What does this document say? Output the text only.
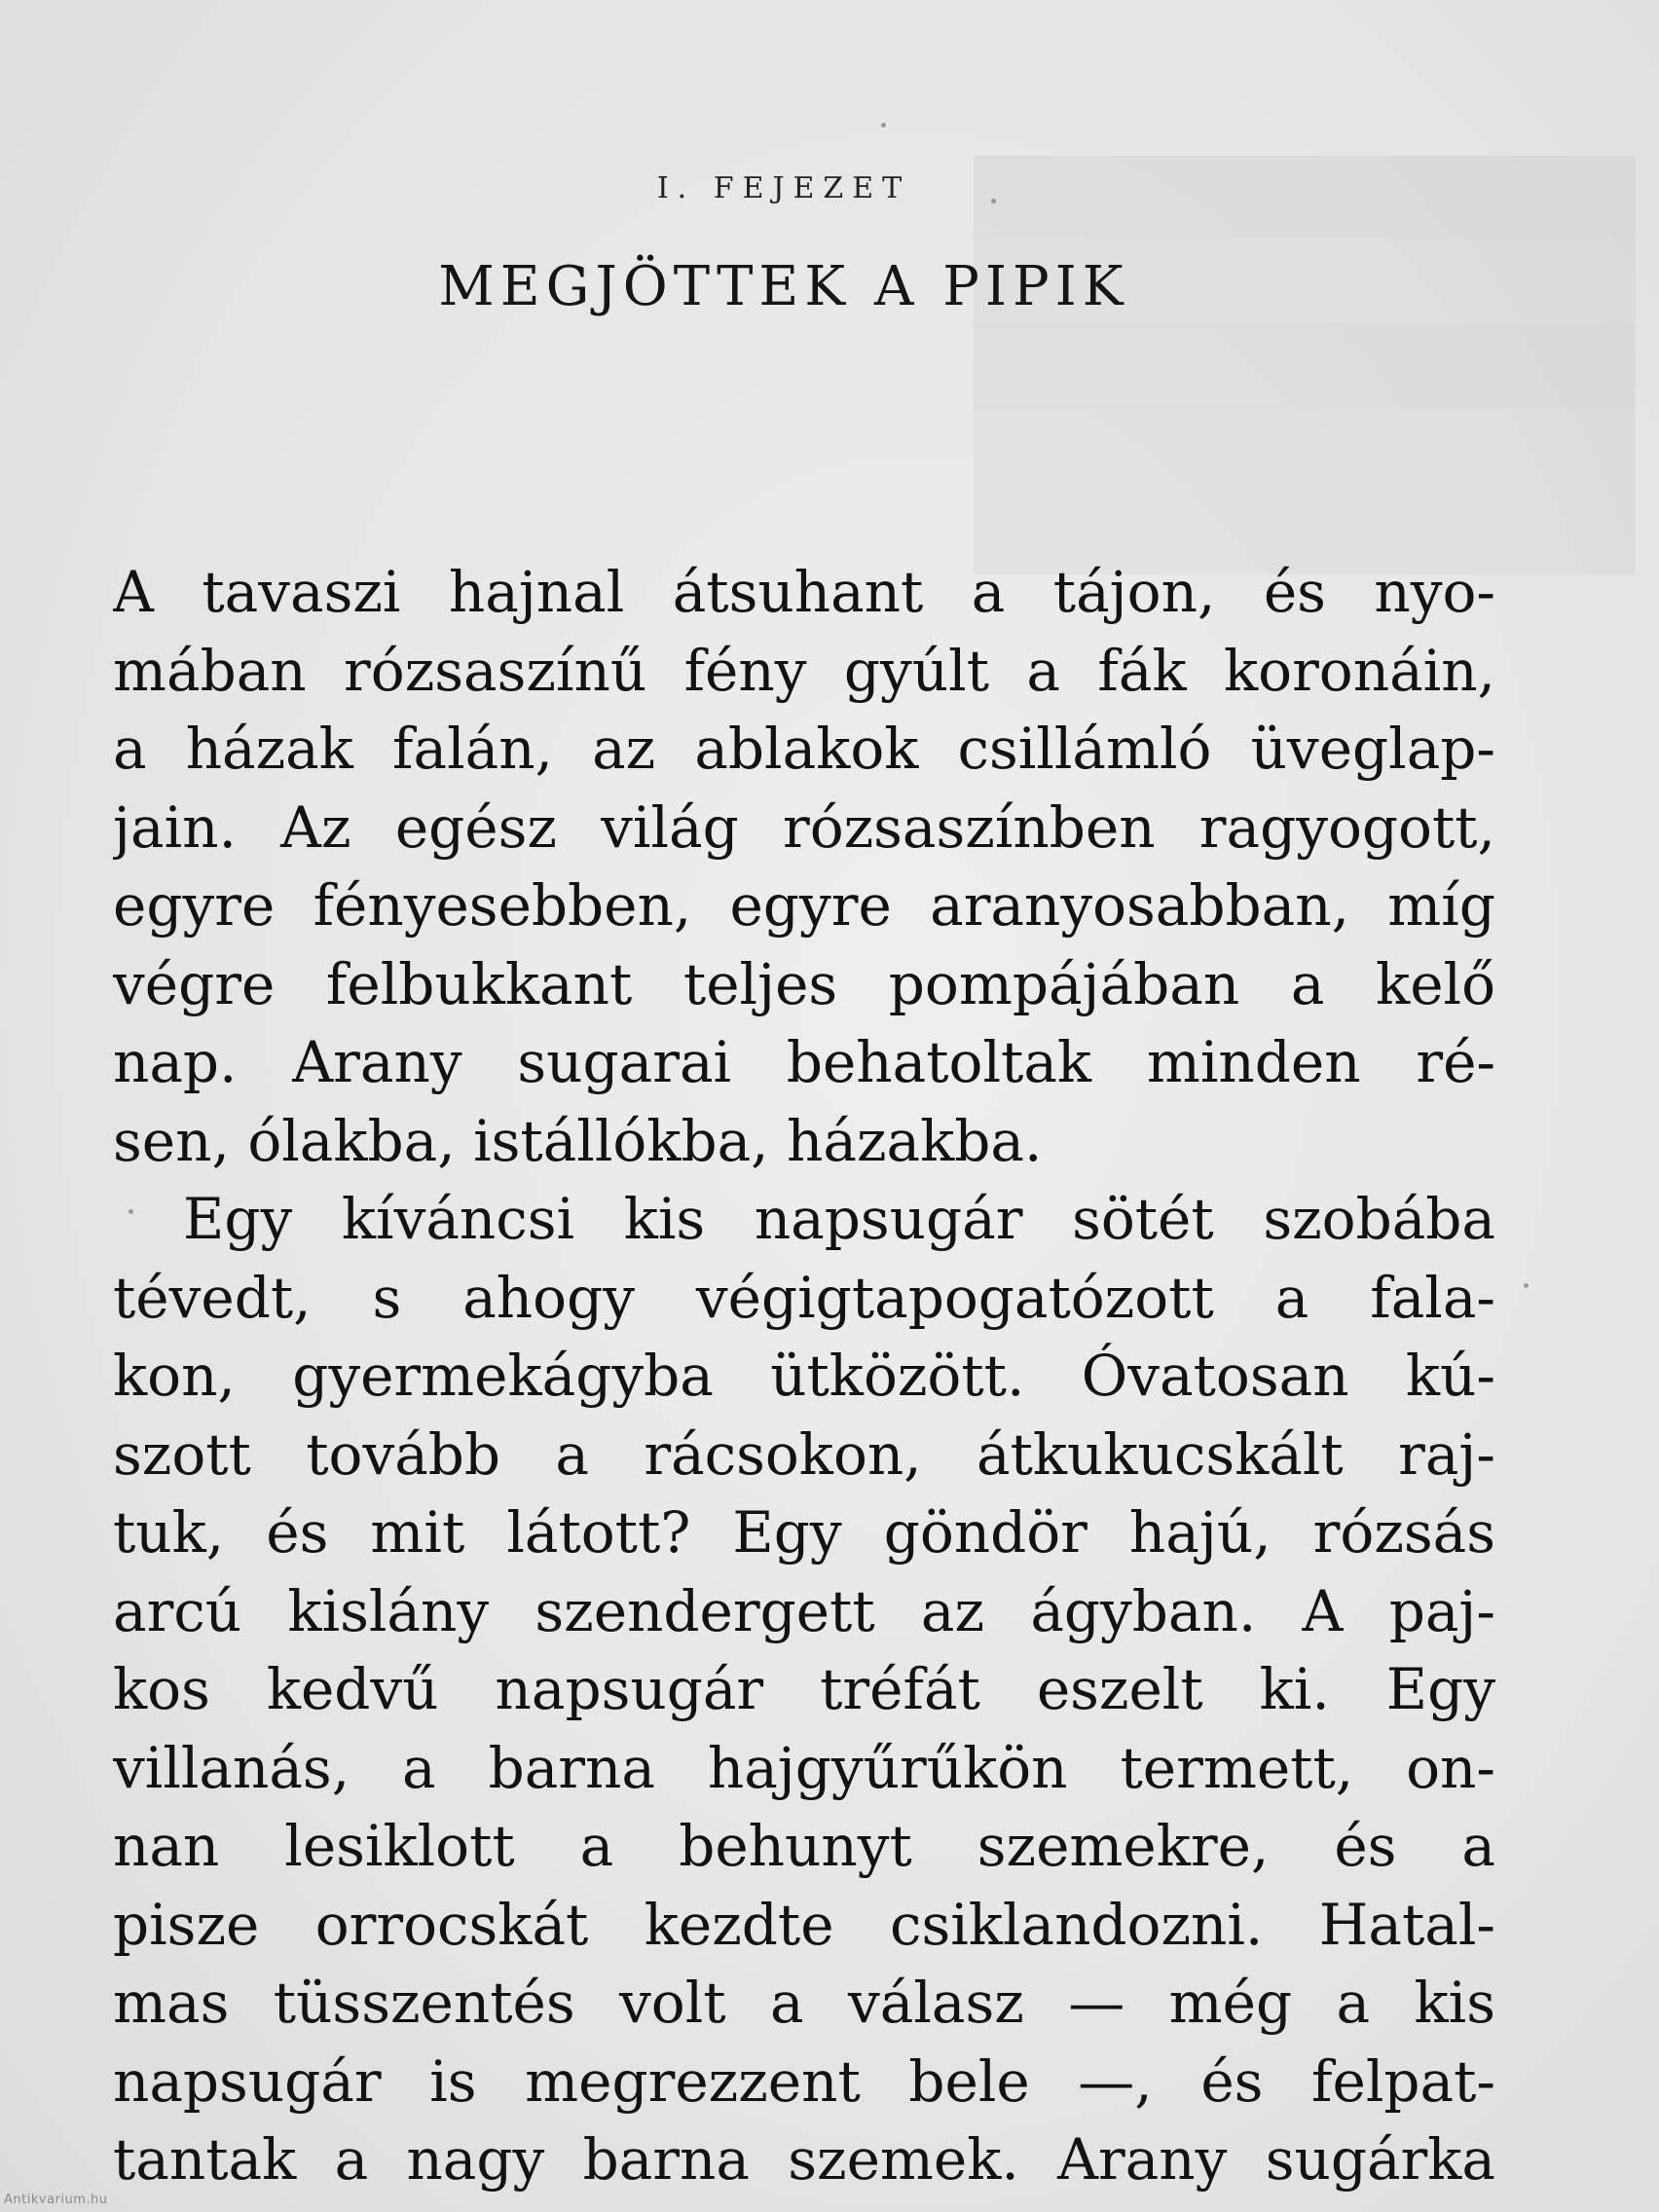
I. FEJEZET
MEGJÖTTEK A PIPIK
A tavaszi hajnal átsuhant a tájon, és nyo-
mában rózsaszínű fény gyúlt a fák koronáin,
a házak falán, az ablakok csillámló üveglap-
jain. Az egész világ rózsaszínben ragyogott,
egyre fényesebben, egyre aranyosabban, míg
végre felbukkant teljes pompájában a kelő
nap. Arany sugarai behatoltak minden ré-
sen, ólakba, istállókba, házakba.
Egy kíváncsi kis napsugár sötét szobába
tévedt, s ahogy végigtapogatózott a fala-
kon, gyermekágyba ütközött. Óvatosan kú-
szott tovább a rácsokon, átkukucskált raj-
tuk, és mit látott? Egy göndör hajú, rózsás
arcú kislány szendergett az ágyban. A paj-
kos kedvű napsugár tréfát eszelt ki. Egy
villanás, a barna hajgyűrűkön termett, on-
nan lesiklott a behunyt szemekre, és a
pisze orrocskát kezdte csiklandozni. Hatal-
mas tüsszentés volt a válasz — még a kis
napsugár is megrezzent bele —, és felpat-
tantak a nagy barna szemek. Arany sugárka
Antikvarium.hu
